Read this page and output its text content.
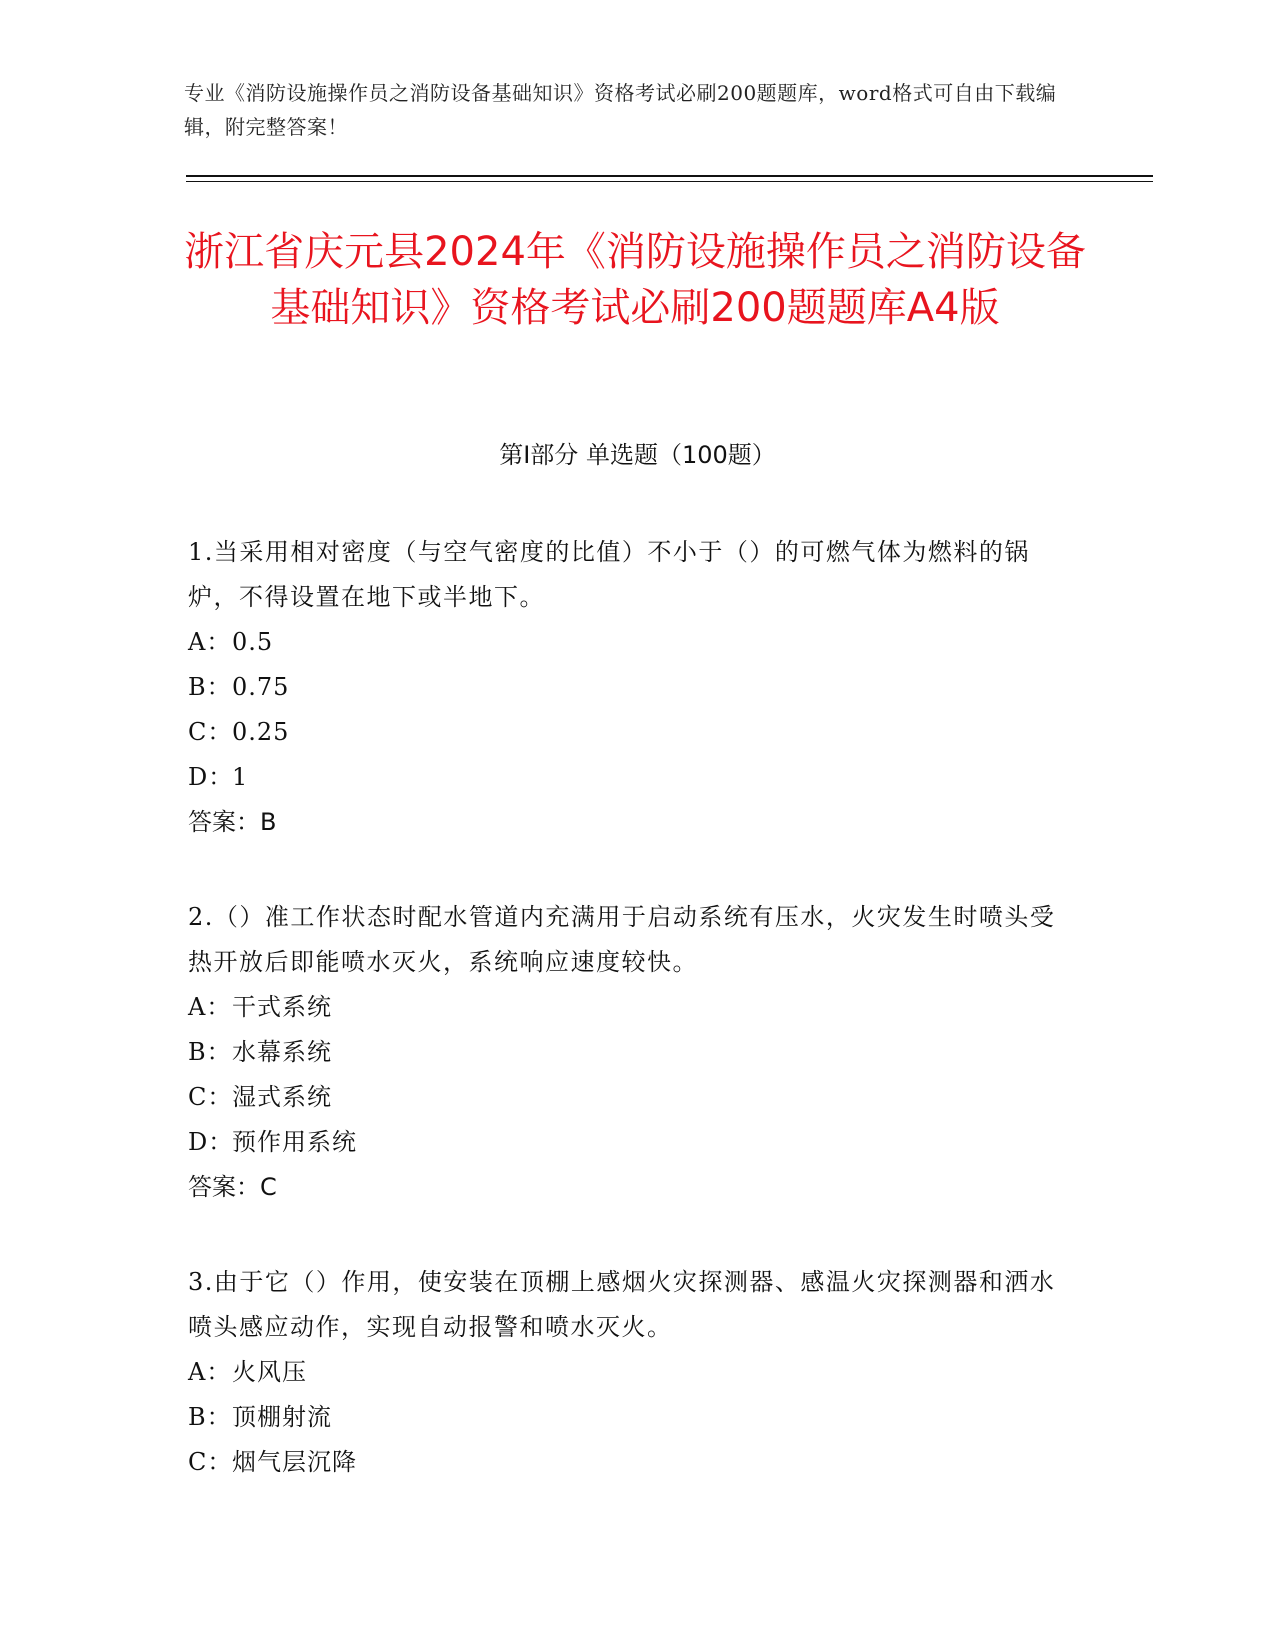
专业《消防设施操作员之消防设备基础知识》资格考试必刷200题题库，word格式可自由下载编辑，附完整答案！
浙江省庆元县2024年《消防设施操作员之消防设备基础知识》资格考试必刷200题题库A4版
第I部分 单选题（100题）
1.当采用相对密度（与空气密度的比值）不小于（）的可燃气体为燃料的锅炉，不得设置在地下或半地下。
A：0.5
B：0.75
C：0.25
D：1
答案：B
2.（）准工作状态时配水管道内充满用于启动系统有压水，火灾发生时喷头受热开放后即能喷水灭火，系统响应速度较快。
A：干式系统
B：水幕系统
C：湿式系统
D：预作用系统
答案：C
3.由于它（）作用，使安装在顶棚上感烟火灾探测器、感温火灾探测器和洒水喷头感应动作，实现自动报警和喷水灭火。
A：火风压
B：顶棚射流
C：烟气层沉降
